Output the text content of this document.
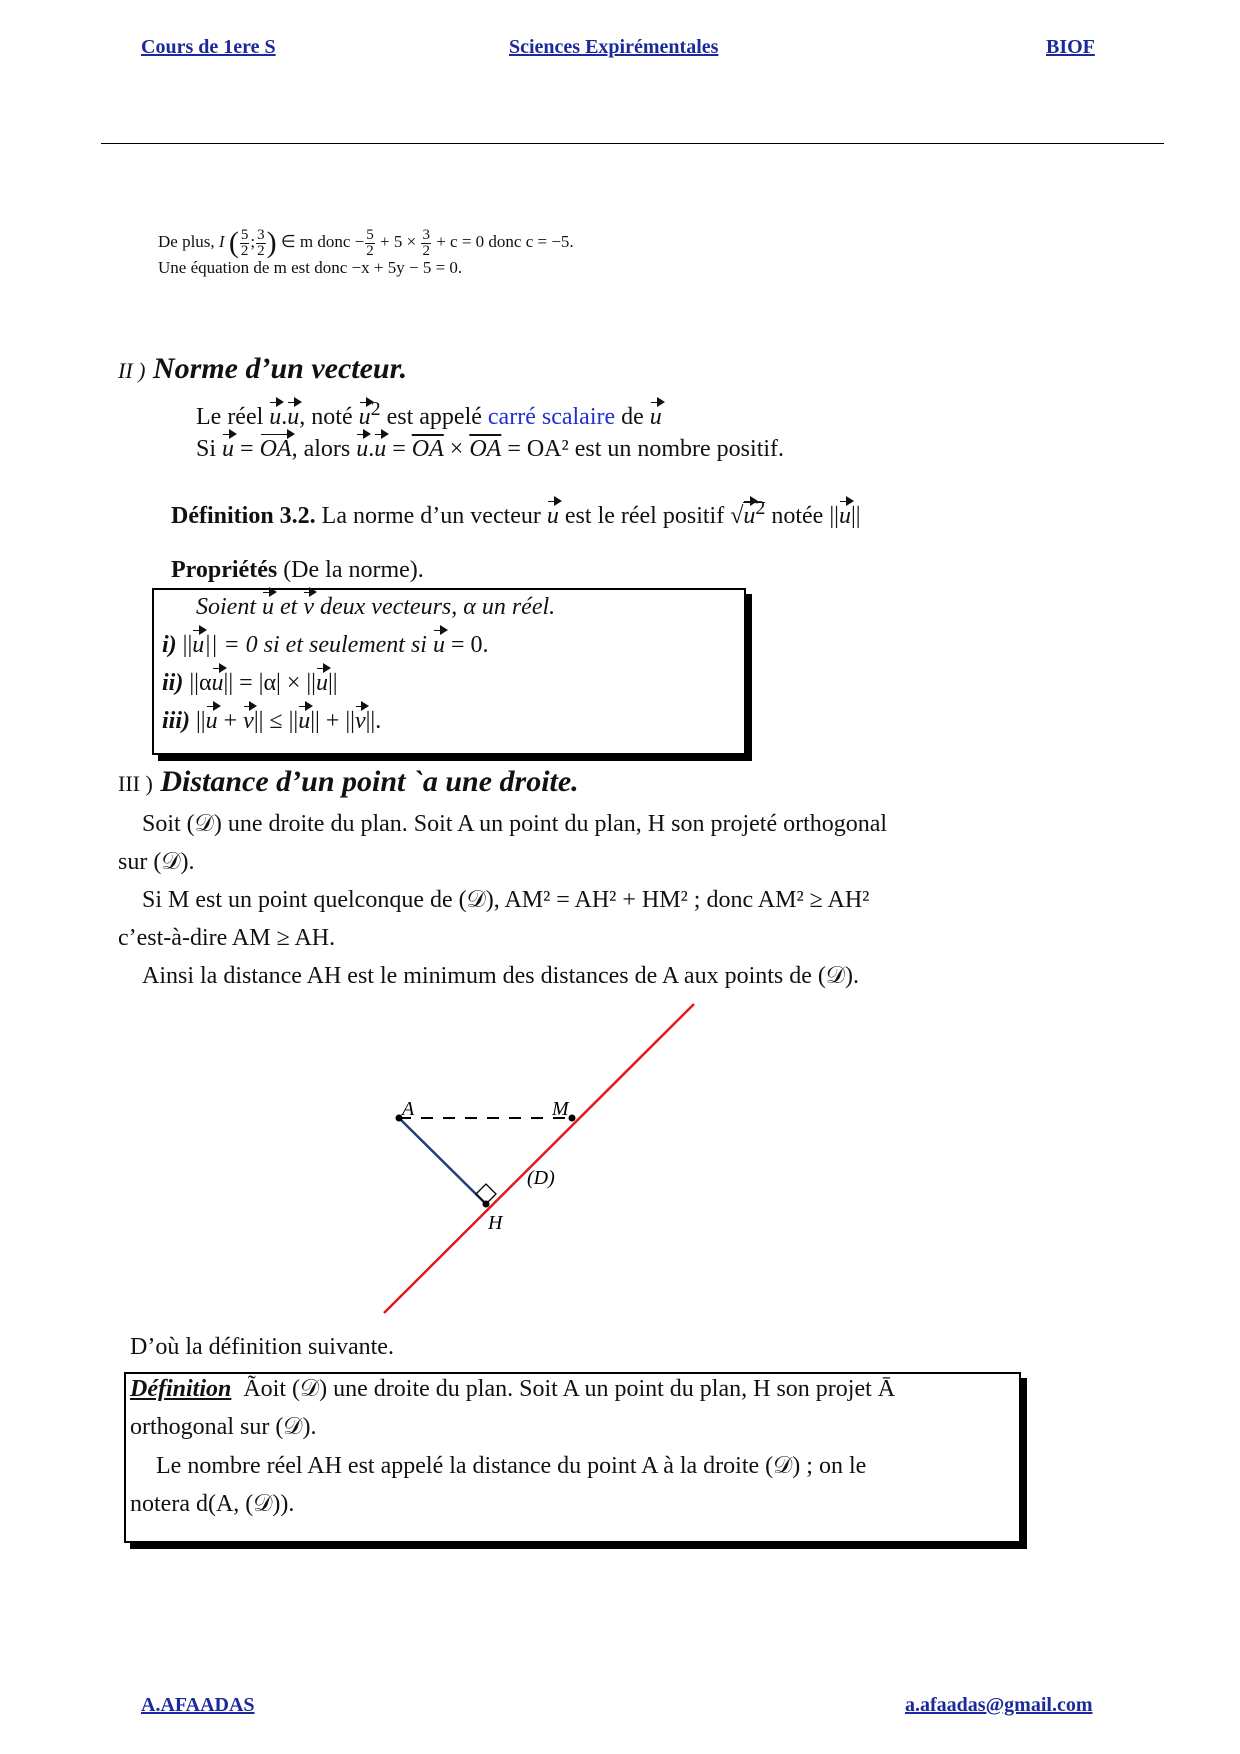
Cours de 1ere S	Sciences Expirémentales	BIOF
De plus, I ( $\frac{5}{2}$ ; $\frac{3}{2}$ ) ∈ m donc − $\frac{5}{2} + 5 \times \frac{3}{2} + c = 0$ donc c = −5.
Une équation de m est donc −x + 5y − 5 = 0.
II ) Norme d’un vecteur.
Le réel u.u, noté $u^2$ est appelé carré scalaire de u
Si u = OA, alors $u.u = \overline{OA} \times \overline{OA} = OA^2$ est un nombre positif.
Définition 3.2. La norme d’un vecteur u est le réel positif $√u^2$ notée ||u||
Propriétés (De la norme).
Soient u et v deux vecteurs, α un réel.
i) ||u|| = 0 si et seulement si u = 0.
ii) ||αu|| = |α| × ||u||
iii) ||u + v|| ≤ ||u|| + ||v||.
III ) Distance d’un point `a une droite.
Soit (𝒟) une droite du plan. Soit A un point du plan, H son projeté orthogonal
sur (𝒟).
Si M est un point quelconque de (𝒟), AM² = AH² + HM² ; donc AM² ≥ AH²
c’est-à-dire AM ≥ AH.
Ainsi la distance AH est le minimum des distances de A aux points de (𝒟).
A	M
H
(D)
D’où la définition suivante.
Définition Ãoit (𝒟) une droite du plan. Soit A un point du plan, H son projet Ā
orthogonal sur (𝒟).
Le nombre réel AH est appelé la distance du point A à la droite (𝒟) ; on le
notera d(A, (𝒟)).
A.AFAADAS	a.afaadas@gmail.com
